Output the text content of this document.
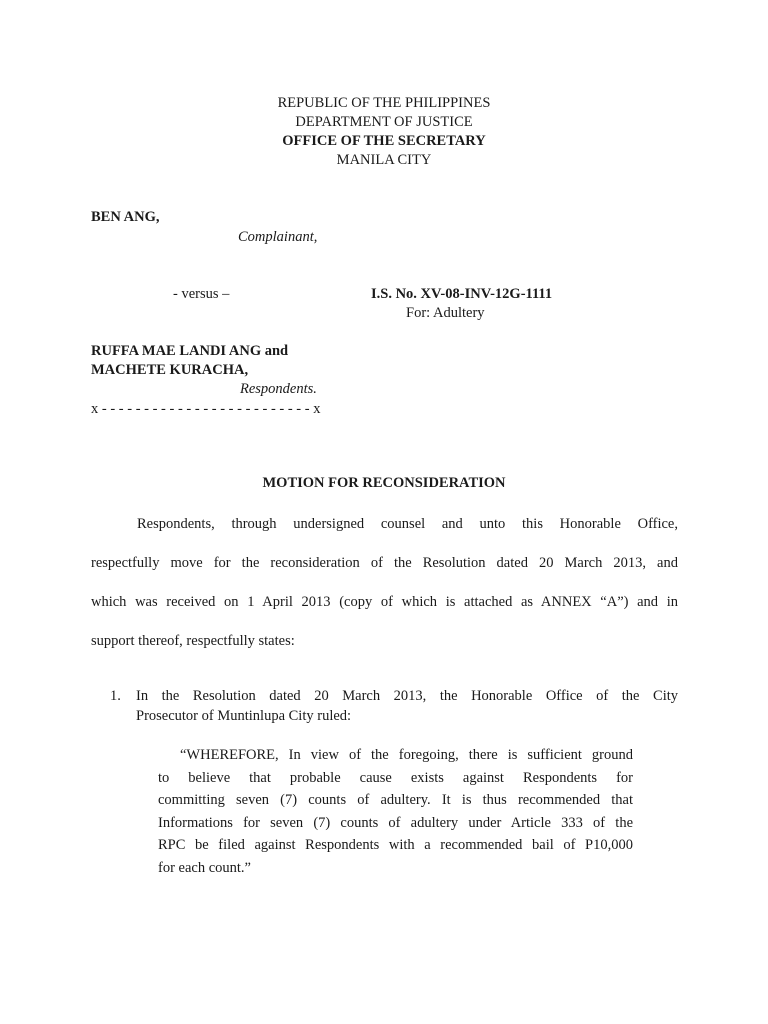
REPUBLIC OF THE PHILIPPINES
DEPARTMENT OF JUSTICE
OFFICE OF THE SECRETARY
MANILA CITY
BEN ANG,
Complainant,
- versus –	I.S. No. XV-08-INV-12G-1111
For: Adultery
RUFFA MAE LANDI ANG and
MACHETE KURACHA,
Respondents.
x - - - - - - - - - - - - - - - - - - - - - - - - - x
MOTION FOR RECONSIDERATION
Respondents, through undersigned counsel and unto this Honorable Office,
respectfully move for the reconsideration of the Resolution dated 20 March 2013, and
which was received on 1 April 2013 (copy of which is attached as ANNEX “A”) and in
support thereof, respectfully states:
1. In the Resolution dated 20 March 2013, the Honorable Office of the City
Prosecutor of Muntinlupa City ruled:
“WHEREFORE, In view of the foregoing, there is sufficient ground
to believe that probable cause exists against Respondents for
committing seven (7) counts of adultery. It is thus recommended that
Informations for seven (7) counts of adultery under Article 333 of the
RPC be filed against Respondents with a recommended bail of P10,000
for each count.”
